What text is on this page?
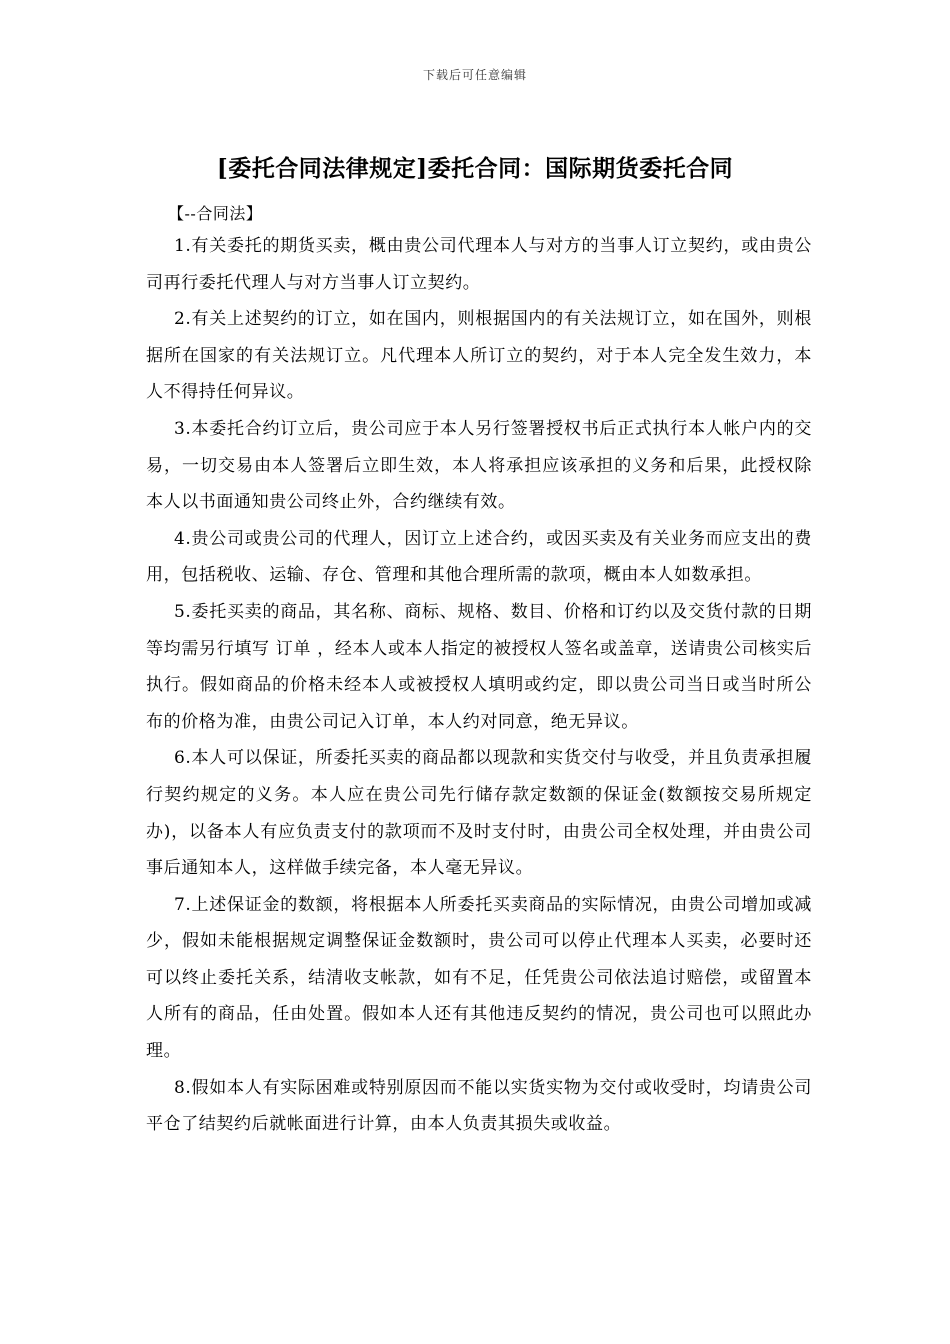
下载后可任意编辑
[委托合同法律规定]委托合同：国际期货委托合同
【--合同法】

1.有关委托的期货买卖，概由贵公司代理本人与对方的当事人订立契约，或由贵公司再行委托代理人与对方当事人订立契约。

2.有关上述契约的订立，如在国内，则根据国内的有关法规订立，如在国外，则根据所在国家的有关法规订立。凡代理本人所订立的契约，对于本人完全发生效力，本人不得持任何异议。

3.本委托合约订立后，贵公司应于本人另行签署授权书后正式执行本人帐户内的交易，一切交易由本人签署后立即生效，本人将承担应该承担的义务和后果，此授权除本人以书面通知贵公司终止外，合约继续有效。

4.贵公司或贵公司的代理人，因订立上述合约，或因买卖及有关业务而应支出的费用，包括税收、运输、存仓、管理和其他合理所需的款项，概由本人如数承担。

5.委托买卖的商品，其名称、商标、规格、数目、价格和订约以及交货付款的日期等均需另行填写 订单 ，经本人或本人指定的被授权人签名或盖章，送请贵公司核实后执行。假如商品的价格未经本人或被授权人填明或约定，即以贵公司当日或当时所公布的价格为准，由贵公司记入订单，本人约对同意，绝无异议。

6.本人可以保证，所委托买卖的商品都以现款和实货交付与收受，并且负责承担履行契约规定的义务。本人应在贵公司先行储存款定数额的保证金(数额按交易所规定办)，以备本人有应负责支付的款项而不及时支付时，由贵公司全权处理，并由贵公司事后通知本人，这样做手续完备，本人毫无异议。

7.上述保证金的数额，将根据本人所委托买卖商品的实际情况，由贵公司增加或减少，假如未能根据规定调整保证金数额时，贵公司可以停止代理本人买卖，必要时还可以终止委托关系，结清收支帐款，如有不足，任凭贵公司依法追讨赔偿，或留置本人所有的商品，任由处置。假如本人还有其他违反契约的情况，贵公司也可以照此办理。

8.假如本人有实际困难或特别原因而不能以实货实物为交付或收受时，均请贵公司平仓了结契约后就帐面进行计算，由本人负责其损失或收益。
